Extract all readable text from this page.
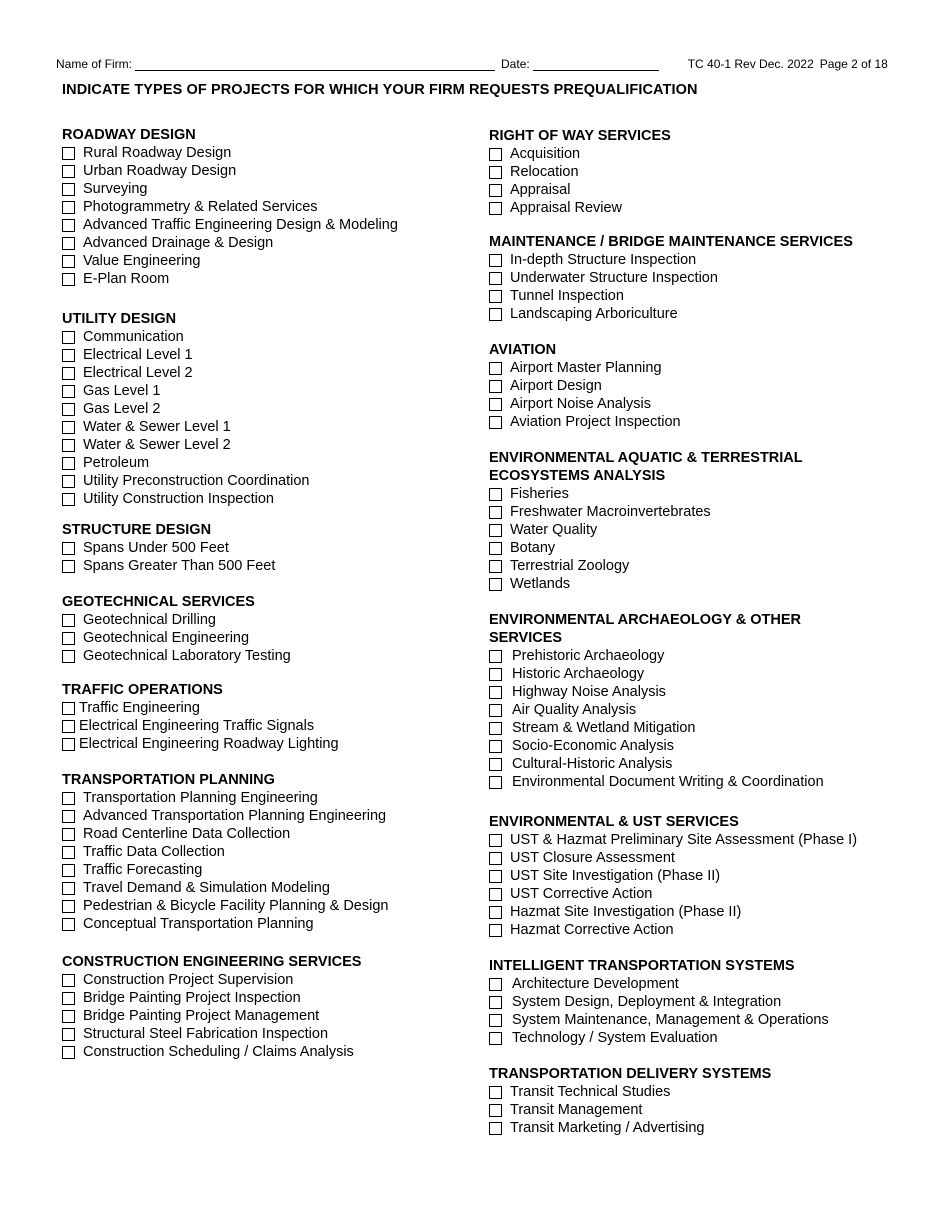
Name of Firm:	Date:	TC 40-1 Rev Dec. 2022 Page 2 of 18
INDICATE TYPES OF PROJECTS FOR WHICH YOUR FIRM REQUESTS PREQUALIFICATION
ROADWAY DESIGN
Rural Roadway Design
Urban Roadway Design
Surveying
Photogrammetry & Related Services
Advanced Traffic Engineering Design & Modeling
Advanced Drainage & Design
Value Engineering
E-Plan Room
UTILITY DESIGN
Communication
Electrical Level 1
Electrical Level 2
Gas Level 1
Gas Level 2
Water & Sewer Level 1
Water & Sewer Level 2
Petroleum
Utility Preconstruction Coordination
Utility Construction Inspection
STRUCTURE DESIGN
Spans Under 500 Feet
Spans Greater Than 500 Feet
GEOTECHNICAL SERVICES
Geotechnical Drilling
Geotechnical Engineering
Geotechnical Laboratory Testing
TRAFFIC OPERATIONS
Traffic Engineering
Electrical Engineering Traffic Signals
Electrical Engineering Roadway Lighting
TRANSPORTATION PLANNING
Transportation Planning Engineering
Advanced Transportation Planning Engineering
Road Centerline Data Collection
Traffic Data Collection
Traffic Forecasting
Travel Demand & Simulation Modeling
Pedestrian & Bicycle Facility Planning & Design
Conceptual Transportation Planning
CONSTRUCTION ENGINEERING SERVICES
Construction Project Supervision
Bridge Painting Project Inspection
Bridge Painting Project Management
Structural Steel Fabrication Inspection
Construction Scheduling / Claims Analysis
RIGHT OF WAY SERVICES
Acquisition
Relocation
Appraisal
Appraisal Review
MAINTENANCE / BRIDGE MAINTENANCE SERVICES
In-depth Structure Inspection
Underwater Structure Inspection
Tunnel Inspection
Landscaping Arboriculture
AVIATION
Airport Master Planning
Airport Design
Airport Noise Analysis
Aviation Project Inspection
ENVIRONMENTAL AQUATIC & TERRESTRIAL ECOSYSTEMS ANALYSIS
Fisheries
Freshwater Macroinvertebrates
Water Quality
Botany
Terrestrial Zoology
Wetlands
ENVIRONMENTAL ARCHAEOLOGY & OTHER SERVICES
Prehistoric Archaeology
Historic Archaeology
Highway Noise Analysis
Air Quality Analysis
Stream & Wetland Mitigation
Socio-Economic Analysis
Cultural-Historic Analysis
Environmental Document Writing & Coordination
ENVIRONMENTAL & UST SERVICES
UST & Hazmat Preliminary Site Assessment (Phase I)
UST Closure Assessment
UST Site Investigation (Phase II)
UST Corrective Action
Hazmat Site Investigation (Phase II)
Hazmat Corrective Action
INTELLIGENT TRANSPORTATION SYSTEMS
Architecture Development
System Design, Deployment & Integration
System Maintenance, Management & Operations
Technology / System Evaluation
TRANSPORTATION DELIVERY SYSTEMS
Transit Technical Studies
Transit Management
Transit Marketing / Advertising
